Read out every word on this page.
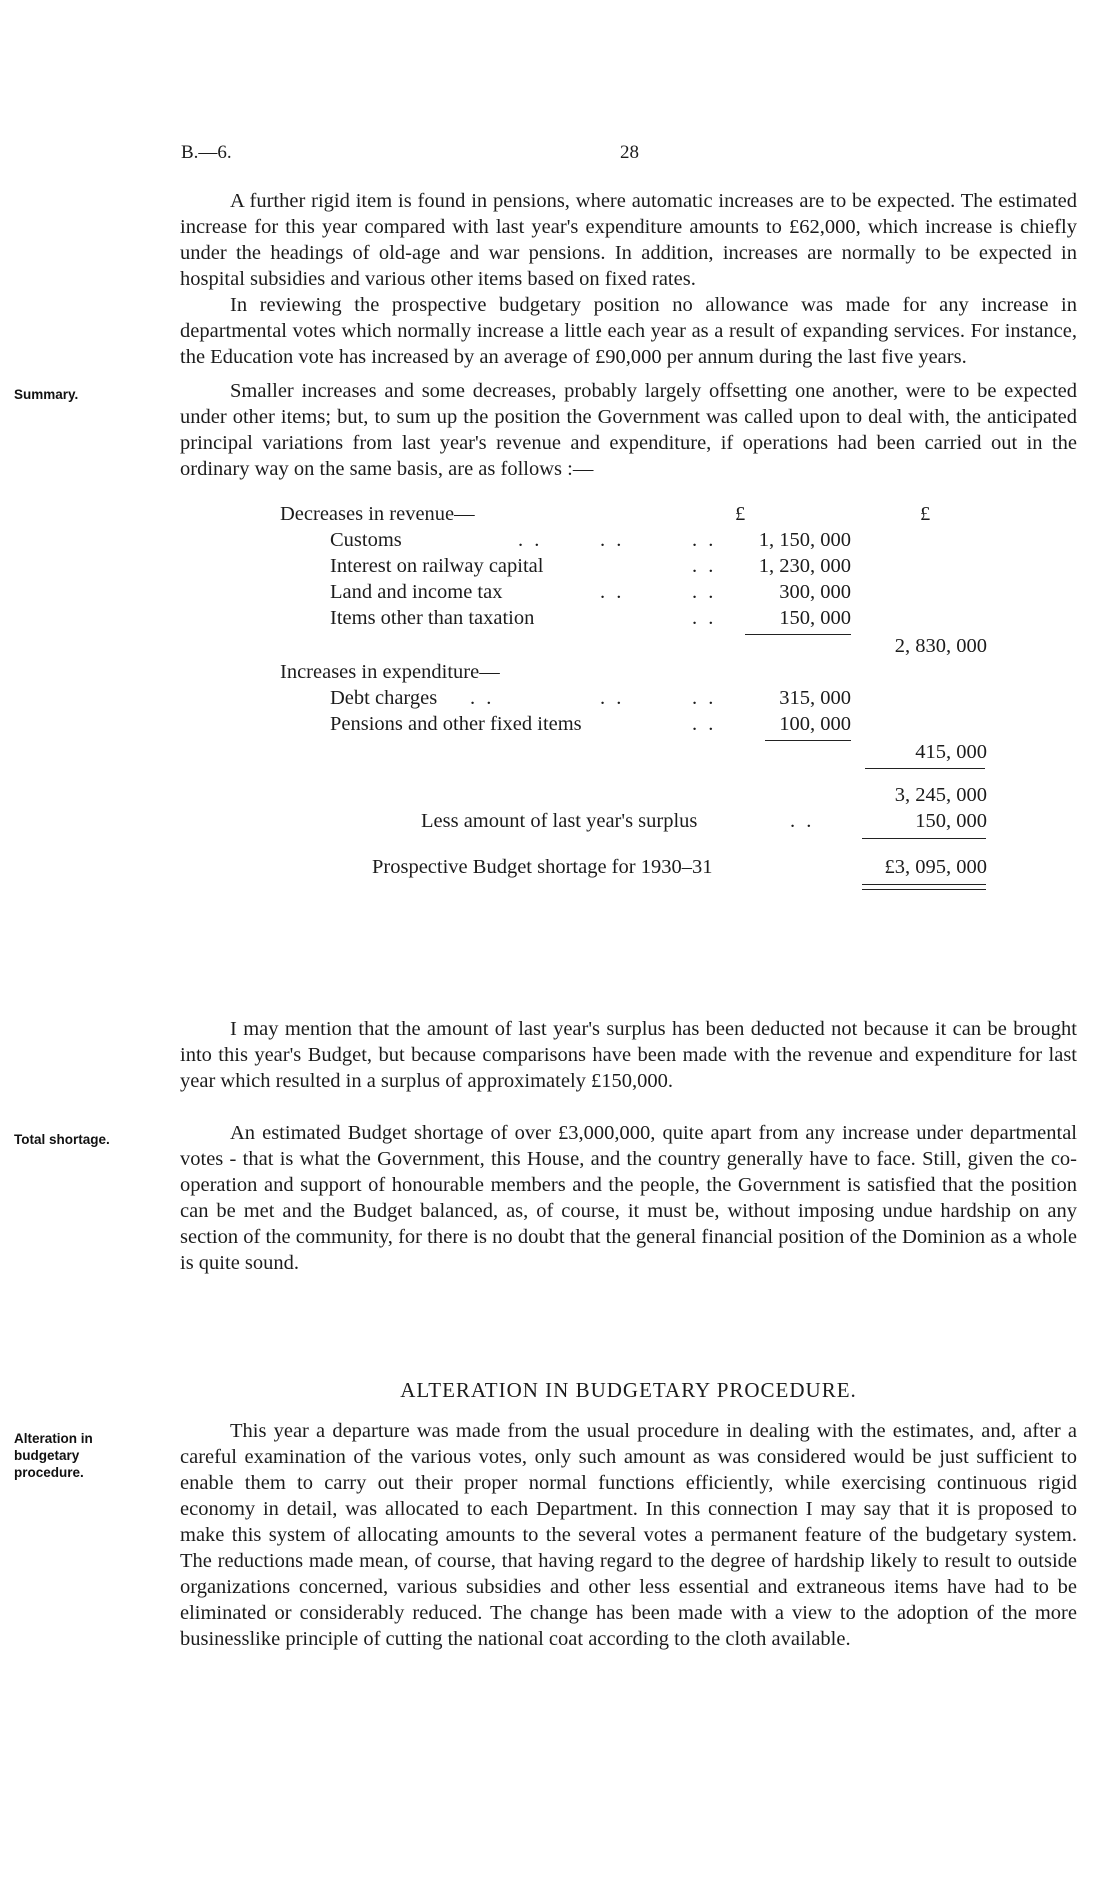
B.—6.	28

A further rigid item is found in pensions, where automatic increases are to be expected. The estimated increase for this year compared with last year's expenditure amounts to £62,000, which increase is chiefly under the headings of old-age and war pensions. In addition, increases are normally to be expected in hospital subsidies and various other items based on fixed rates.

In reviewing the prospective budgetary position no allowance was made for any increase in departmental votes which normally increase a little each year as a result of expanding services. For instance, the Education vote has increased by an average of £90,000 per annum during the last five years.

Summary.	Smaller increases and some decreases, probably largely offsetting one another, were to be expected under other items; but, to sum up the position the Government was called upon to deal with, the anticipated principal variations from last year's revenue and expenditure, if operations had been carried out in the ordinary way on the same basis, are as follows :—

£	£
Decreases in revenue—
Customs	. .	. .	. .	1, 150, 000
Interest on railway capital	. .	1, 230, 000
Land and income tax	. .	. .	300, 000
Items other than taxation	. .	150, 000
2, 830, 000
Increases in expenditure—
Debt charges . .	. .	. .	315, 000
Pensions and other fixed items	. .	100, 000
415, 000
3, 245, 000
Less amount of last year's surplus	. .	150, 000
Prospective Budget shortage for 1930–31	£3, 095, 000

I may mention that the amount of last year's surplus has been deducted not because it can be brought into this year's Budget, but because comparisons have been made with the revenue and expenditure for last year which resulted in a surplus of approximately £150,000.

Total shortage.	An estimated Budget shortage of over £3,000,000, quite apart from any increase under departmental votes - that is what the Government, this House, and the country generally have to face. Still, given the co-operation and support of honourable members and the people, the Government is satisfied that the position can be met and the Budget balanced, as, of course, it must be, without imposing undue hardship on any section of the community, for there is no doubt that the general financial position of the Dominion as a whole is quite sound.

ALTERATION IN BUDGETARY PROCEDURE.
Alteration in
budgetary
procedure.

This year a departure was made from the usual procedure in dealing with the estimates, and, after a careful examination of the various votes, only such amount as was considered would be just sufficient to enable them to carry out their proper normal functions efficiently, while exercising continuous rigid economy in detail, was allocated to each Department. In this connection I may say that it is proposed to make this system of allocating amounts to the several votes a permanent feature of the budgetary system. The reductions made mean, of course, that having regard to the degree of hardship likely to result to outside organizations concerned, various subsidies and other less essential and extraneous items have had to be eliminated or considerably reduced. The change has been made with a view to the adoption of the more businesslike principle of cutting the national coat according to the cloth available.
